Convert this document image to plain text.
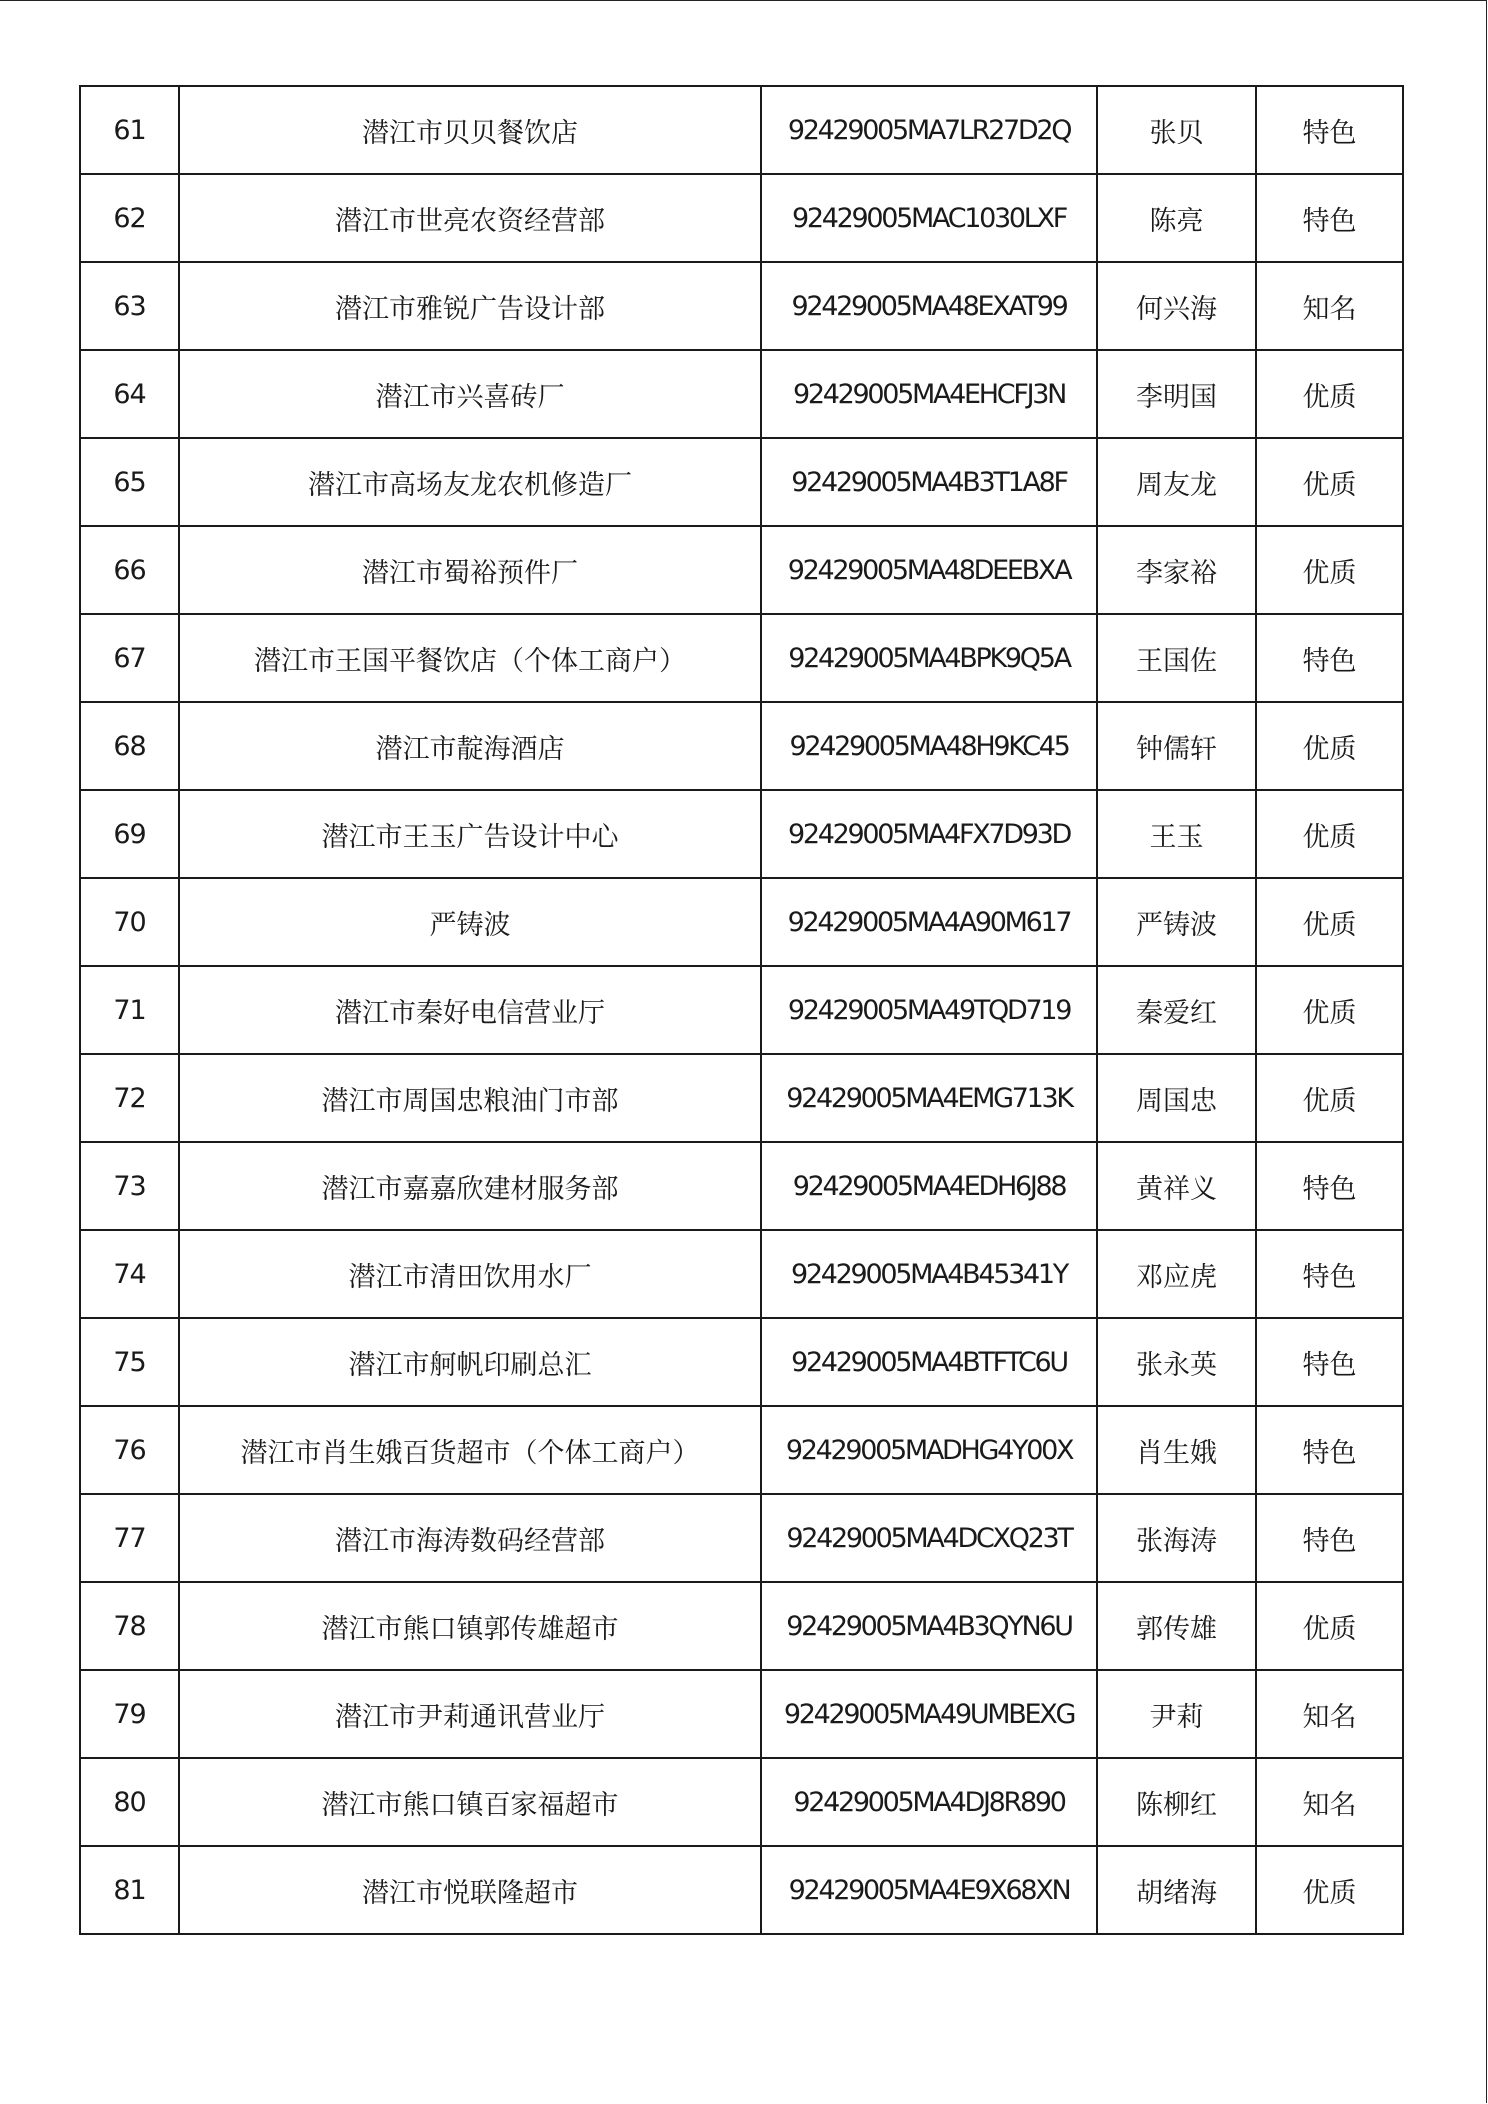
61	潜江市贝贝餐饮店	92429005MA7LR27D2Q	张贝	特色
62	潜江市世亮农资经营部	92429005MAC1030LXF	陈亮	特色
63	潜江市雅锐广告设计部	92429005MA48EXAT99	何兴海	知名
64	潜江市兴喜砖厂	92429005MA4EHCFJ3N	李明国	优质
65	潜江市高场友龙农机修造厂	92429005MA4B3T1A8F	周友龙	优质
66	潜江市蜀裕预件厂	92429005MA48DEEBXA	李家裕	优质
67	潜江市王国平餐饮店（个体工商户）	92429005MA4BPK9Q5A	王国佐	特色
68	潜江市靛海酒店	92429005MA48H9KC45	钟儒轩	优质
69	潜江市王玉广告设计中心	92429005MA4FX7D93D	王玉	优质
70	严铸波	92429005MA4A90M617	严铸波	优质
71	潜江市秦好电信营业厅	92429005MA49TQD719	秦爱红	优质
72	潜江市周国忠粮油门市部	92429005MA4EMG713K	周国忠	优质
73	潜江市嘉嘉欣建材服务部	92429005MA4EDH6J88	黄祥义	特色
74	潜江市清田饮用水厂	92429005MA4B45341Y	邓应虎	特色
75	潜江市舸帆印刷总汇	92429005MA4BTFTC6U	张永英	特色
76	潜江市肖生娥百货超市（个体工商户）	92429005MADHG4Y00X	肖生娥	特色
77	潜江市海涛数码经营部	92429005MA4DCXQ23T	张海涛	特色
78	潜江市熊口镇郭传雄超市	92429005MA4B3QYN6U	郭传雄	优质
79	潜江市尹莉通讯营业厅	92429005MA49UMBEXG	尹莉	知名
80	潜江市熊口镇百家福超市	92429005MA4DJ8R890	陈柳红	知名
81	潜江市悦联隆超市	92429005MA4E9X68XN	胡绪海	优质
